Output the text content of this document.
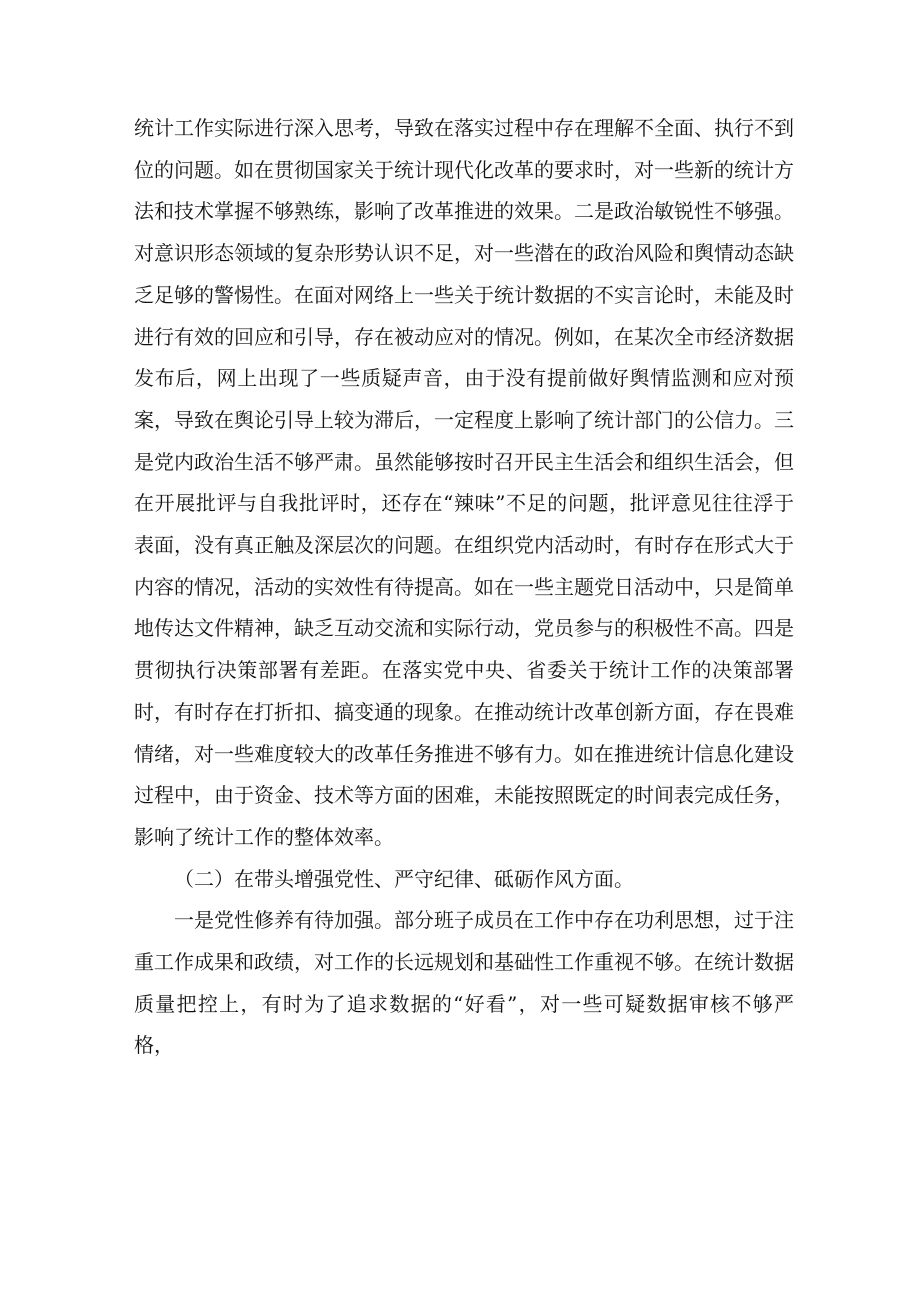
统计工作实际进行深入思考，导致在落实过程中存在理解不全面、执行不到位的问题。如在贯彻国家关于统计现代化改革的要求时，对一些新的统计方法和技术掌握不够熟练，影响了改革推进的效果。二是政治敏锐性不够强。对意识形态领域的复杂形势认识不足，对一些潜在的政治风险和舆情动态缺乏足够的警惕性。在面对网络上一些关于统计数据的不实言论时，未能及时进行有效的回应和引导，存在被动应对的情况。例如，在某次全市经济数据发布后，网上出现了一些质疑声音，由于没有提前做好舆情监测和应对预案，导致在舆论引导上较为滞后，一定程度上影响了统计部门的公信力。三是党内政治生活不够严肃。虽然能够按时召开民主生活会和组织生活会，但在开展批评与自我批评时，还存在“辣味”不足的问题，批评意见往往浮于表面，没有真正触及深层次的问题。在组织党内活动时，有时存在形式大于内容的情况，活动的实效性有待提高。如在一些主题党日活动中，只是简单地传达文件精神，缺乏互动交流和实际行动，党员参与的积极性不高。四是贯彻执行决策部署有差距。在落实党中央、省委关于统计工作的决策部署时，有时存在打折扣、搞变通的现象。在推动统计改革创新方面，存在畏难情绪，对一些难度较大的改革任务推进不够有力。如在推进统计信息化建设过程中，由于资金、技术等方面的困难，未能按照既定的时间表完成任务，影响了统计工作的整体效率。

（二）在带头增强党性、严守纪律、砥砺作风方面。

一是党性修养有待加强。部分班子成员在工作中存在功利思想，过于注重工作成果和政绩，对工作的长远规划和基础性工作重视不够。在统计数据质量把控上，有时为了追求数据的“好看”，对一些可疑数据审核不够严格，
